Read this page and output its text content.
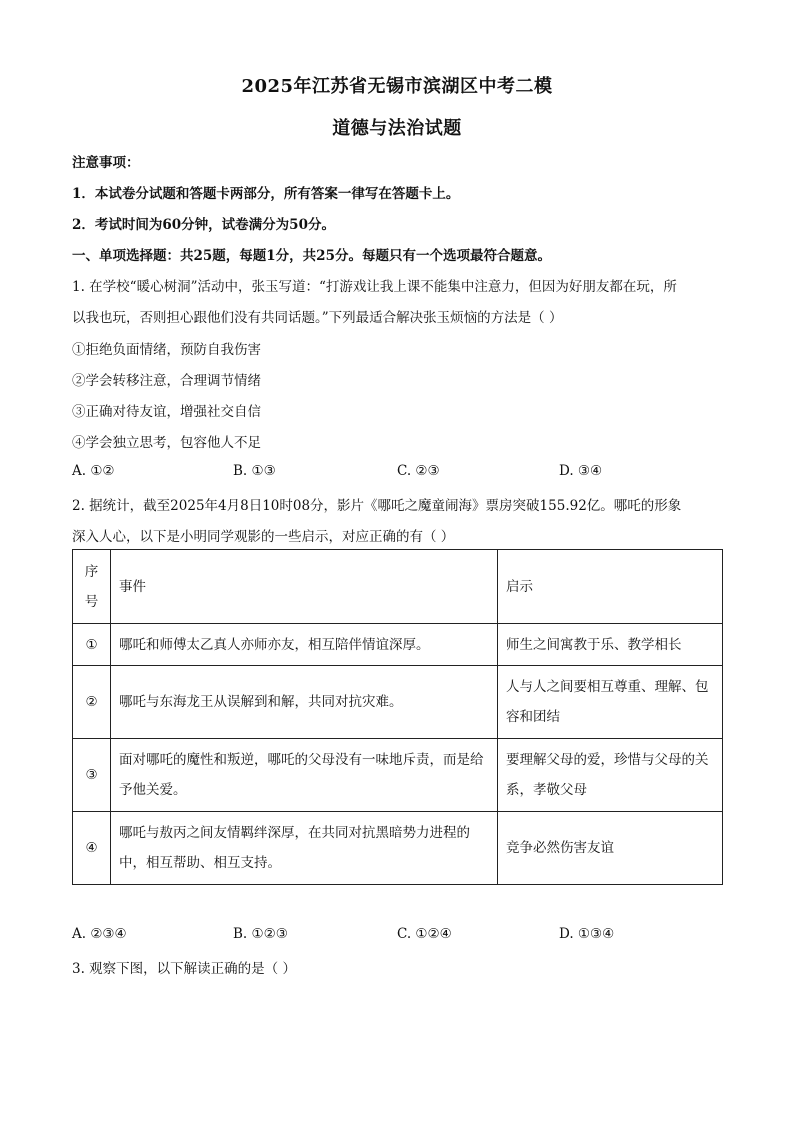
2025年江苏省无锡市滨湖区中考二模
道德与法治试题
注意事项：
1．本试卷分试题和答题卡两部分，所有答案一律写在答题卡上。
2．考试时间为60分钟，试卷满分为50分。
一、单项选择题：共25题，每题1分，共25分。每题只有一个选项最符合题意。
1. 在学校“暖心树洞”活动中，张玉写道：“打游戏让我上课不能集中注意力，但因为好朋友都在玩，所
以我也玩，否则担心跟他们没有共同话题。”下列最适合解决张玉烦恼的方法是（ ）
①拒绝负面情绪，预防自我伤害
②学会转移注意，合理调节情绪
③正确对待友谊，增强社交自信
④学会独立思考，包容他人不足
A. ①②	B. ①③	C. ②③	D. ③④
2. 据统计，截至2025年4月8日10时08分，影片《哪吒之魔童闹海》票房突破155.92亿。哪吒的形象
深入人心，以下是小明同学观影的一些启示，对应正确的有（ ）
序
号	事件	启示
①	哪吒和师傅太乙真人亦师亦友，相互陪伴情谊深厚。	师生之间寓教于乐、教学相长
②	哪吒与东海龙王从误解到和解，共同对抗灾难。	人与人之间要相互尊重、理解、包容和团结
③	面对哪吒的魔性和叛逆，哪吒的父母没有一味地斥责，而是给予他关爱。	要理解父母的爱，珍惜与父母的关系，孝敬父母
④	哪吒与敖丙之间友情羁绊深厚，在共同对抗黑暗势力进程的中，相互帮助、相互支持。	竞争必然伤害友谊
A. ②③④	B. ①②③	C. ①②④	D. ①③④
3. 观察下图，以下解读正确的是（ ）
